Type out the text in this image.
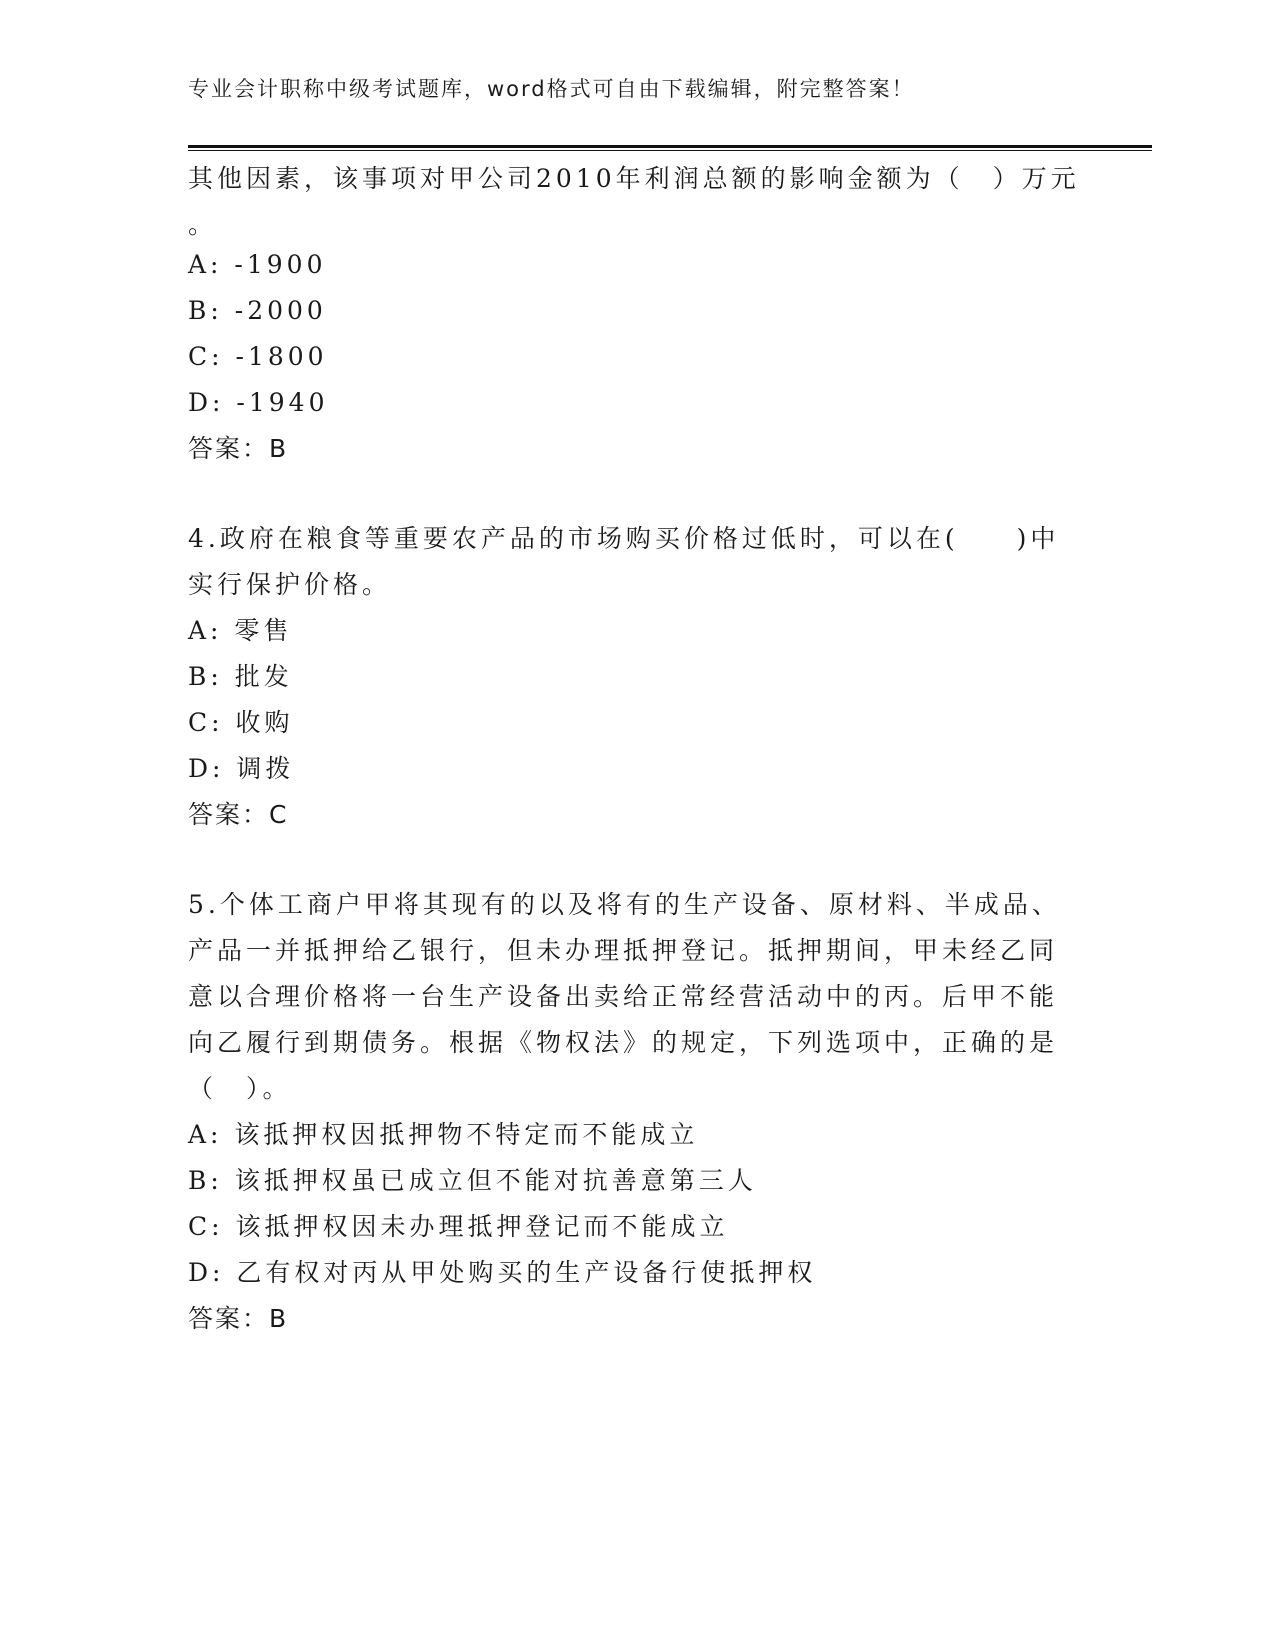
专业会计职称中级考试题库，word格式可自由下载编辑，附完整答案！
其他因素，该事项对甲公司2010年利润总额的影响金额为（　）万元
。
A: -1900
B: -2000
C: -1800
D: -1940
答案：B
4.政府在粮食等重要农产品的市场购买价格过低时，可以在(　　)中
实行保护价格。
A: 零售
B: 批发
C: 收购
D: 调拨
答案：C
5.个体工商户甲将其现有的以及将有的生产设备、原材料、半成品、
产品一并抵押给乙银行，但未办理抵押登记。抵押期间，甲未经乙同
意以合理价格将一台生产设备出卖给正常经营活动中的丙。后甲不能
向乙履行到期债务。根据《物权法》的规定，下列选项中，正确的是
（　）。
A: 该抵押权因抵押物不特定而不能成立
B: 该抵押权虽已成立但不能对抗善意第三人
C: 该抵押权因未办理抵押登记而不能成立
D: 乙有权对丙从甲处购买的生产设备行使抵押权
答案：B
